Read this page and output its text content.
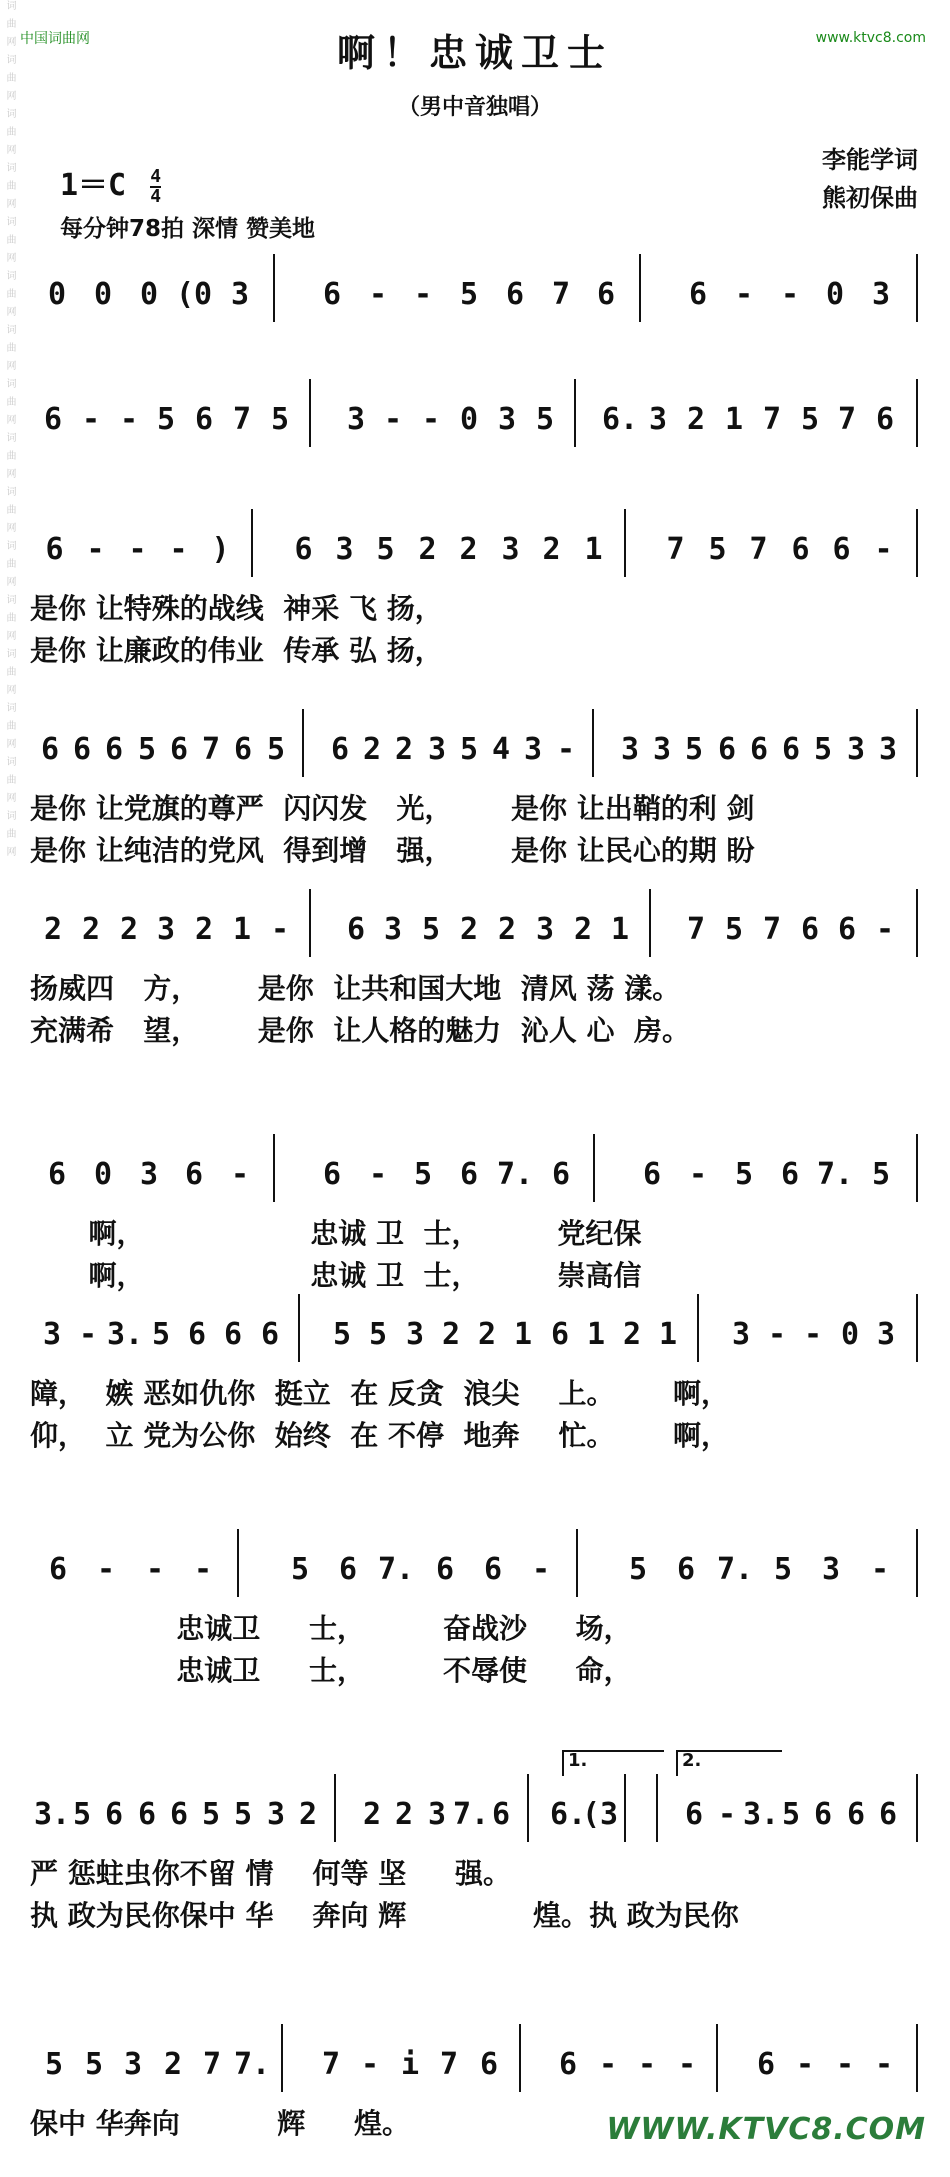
词曲网词曲网词曲网词曲网词曲网词曲网词曲网词曲网词曲网词曲网词曲网词曲网词曲网词曲网词曲网词曲网 中国词曲网	www.ktvc8.com
啊！忠诚卫士
（男中音独唱）
李能学词
熊初保曲
$1=C \frac{4}{4}$
每分钟78拍 深情 赞美地
0 0 0 (0 3	6 - - 5 6 7 6	6 - - 0 3
6 - - 5 6 7 5	3 - - 0 3 5	6. 3 2 1 7 5 7 6
6 - - - )	6 3 5 2 2 3 2 1	7 5 7 6 6 -
是你 让特殊的战线  神采 飞 扬，
是你 让廉政的伟业  传承 弘 扬，
6 6 6 5 6 7 6 5 6 2 2 3 5 4 3 - 3 3 5 6 6 6 5 3 3
是你 让党旗的尊严  闪闪发   光，      是你 让出鞘的利 剑
是你 让纯洁的党风  得到增   强，      是你 让民心的期 盼
2 2 2 3 2 1 -	6 3 5 2 2 3 2 1	7 5 7 6 6 -
扬威四   方，      是你  让共和国大地  清风 荡 漾。
充满希   望，      是你  让人格的魅力  沁人 心  房。
6 0 3 6 -	6 - 5 6 7. 6	6 - 5 6 7. 5
啊，                 忠诚 卫  士，        党纪保
啊，                 忠诚 卫  士，        崇高信
3 - 3. 5 6 6 6 5 5 3 2 2 1 6 1 2 1 3 - - 0 3
障，  嫉 恶如仇你  挺立  在 反贪  浪尖    上。      啊，
仰，  立 党为公你  始终  在 不停  地奔    忙。      啊，
6 -	- -	5 6 7. 6 6 -	5 6 7. 5 3	-
忠诚卫     士，        奋战沙     场，
忠诚卫     士，        不辱使     命，
3. 5 6 6 6 5 5 3 2 2 2 3 7. 6 6.
(3 6 - 3. 5 6 6 6
严 惩蛀虫你不留 情    何等 坚     强。
执 政为民你保中 华    奔向 辉             煌。执 政为民你
1.	2.
5 5 3 2 7 7.	7 - i 7 6	6 - - -	6 - - -
保中 华奔向          辉     煌。	WWW.KTVC8.COM
